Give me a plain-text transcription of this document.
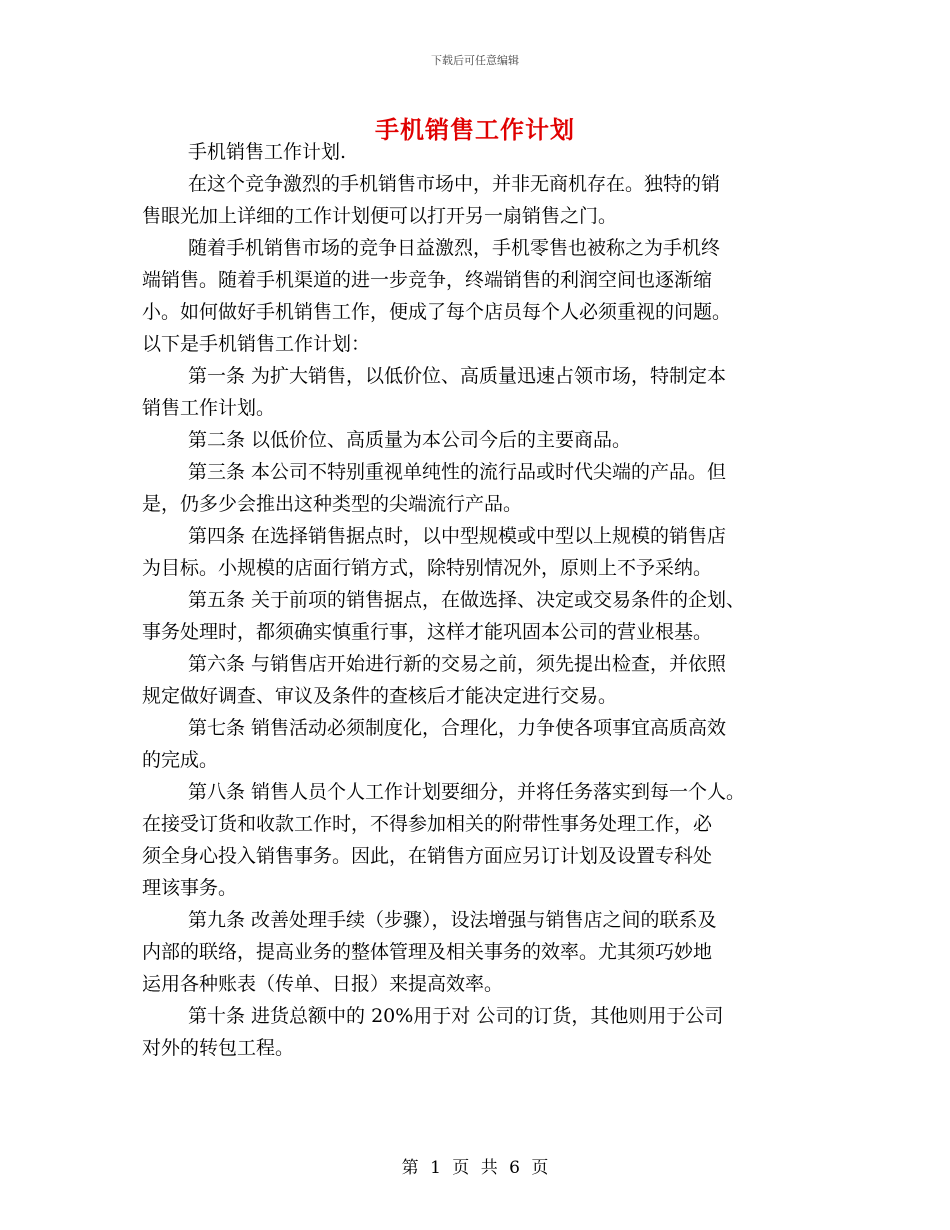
下载后可任意编辑
手机销售工作计划
手机销售工作计划.
在这个竞争激烈的手机销售市场中，并非无商机存在。独特的销
售眼光加上详细的工作计划便可以打开另一扇销售之门。
随着手机销售市场的竞争日益激烈，手机零售也被称之为手机终
端销售。随着手机渠道的进一步竞争，终端销售的利润空间也逐渐缩
小。如何做好手机销售工作，便成了每个店员每个人必须重视的问题。
以下是手机销售工作计划：
第一条 为扩大销售，以低价位、高质量迅速占领市场，特制定本
销售工作计划。
第二条 以低价位、高质量为本公司今后的主要商品。
第三条 本公司不特别重视单纯性的流行品或时代尖端的产品。但
是，仍多少会推出这种类型的尖端流行产品。
第四条 在选择销售据点时，以中型规模或中型以上规模的销售店
为目标。小规模的店面行销方式，除特别情况外，原则上不予采纳。
第五条 关于前项的销售据点，在做选择、决定或交易条件的企划、
事务处理时，都须确实慎重行事，这样才能巩固本公司的营业根基。
第六条 与销售店开始进行新的交易之前，须先提出检查，并依照
规定做好调查、审议及条件的查核后才能决定进行交易。
第七条 销售活动必须制度化，合理化，力争使各项事宜高质高效
的完成。
第八条 销售人员个人工作计划要细分，并将任务落实到每一个人。
在接受订货和收款工作时，不得参加相关的附带性事务处理工作，必
须全身心投入销售事务。因此，在销售方面应另订计划及设置专科处
理该事务。
第九条 改善处理手续（步骤），设法增强与销售店之间的联系及
内部的联络，提高业务的整体管理及相关事务的效率。尤其须巧妙地
运用各种账表（传单、日报）来提高效率。
第十条 进货总额中的 20%用于对 公司的订货，其他则用于公司
对外的转包工程。
第 1 页 共 6 页
